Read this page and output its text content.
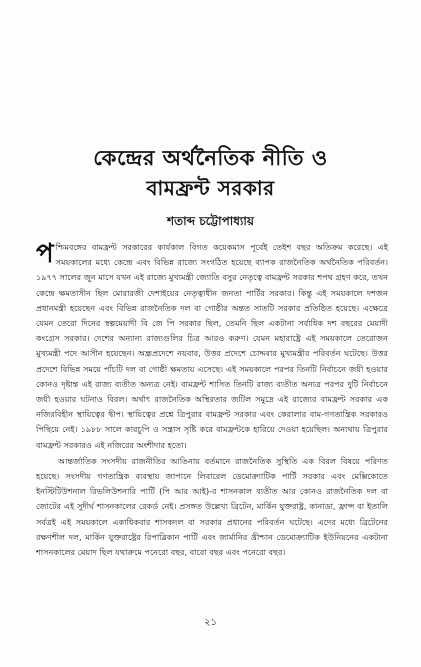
কেন্দ্রের অর্থনৈতিক নীতি ও
বামফ্রন্ট সরকার
শতাব্দ চট্টোপাধ্যায়

পশ্চিমবঙ্গের বামফ্রন্ট সরকারের কার্যকাল বিগত কয়েকমাস পূর্বেই তেইশ বছর অতিক্রম করেছে। এই সময়কালের মধ্যে কেন্দ্রে এবং বিভিন্ন রাজ্যে সংগঠিত হয়েছে ব্যাপক রাজনৈতিক অর্থনৈতিক পরিবর্তন। ১৯৭৭ সালের জুন মাসে যখন এই রাজ্যে মুখ্যমন্ত্রী জ্যোতি বসুর নেতৃত্বে বামফ্রন্ট সরকার শপথ গ্রহণ করে, তখন কেন্দ্রে ক্ষমতাসীন ছিল মোরারজী দেশাইয়ের নেতৃত্বাধীন জনতা পার্টির সরকার। কিন্তু এই সময়কালে দশজন প্রধানমন্ত্রী হয়েছেন এবং বিভিন্ন রাজনৈতিক দল বা গোষ্ঠীর অন্তত সাতটি সরকার প্রতিষ্ঠিত হয়েছে। এক্ষেত্রে যেমন তেরো দিনের স্বল্পমেয়াদী বি জে পি সরকার ছিল, তেমনি ছিল একটানা সর্বাধিক দশ বছরের মেয়াদী কংগ্রেস সরকার। দেশের অন্যান্য রাজ্যগুলির চিত্র আরও করুণ। যেমন মহারাষ্ট্রে এই সময়কালে তেরোজন মুখ্যমন্ত্রী পদে আসীন হয়েছেন। অন্ধ্রপ্রদেশে নয়বার, উত্তর প্রদেশে চোদ্দবার মুখ্যমন্ত্রীর পরিবর্তন ঘটেছে। উত্তর প্রদেশে বিভিন্ন সময়ে পাঁচটি দল বা গোষ্ঠী ক্ষমতায় এসেছে। এই সময়কালে পরপর তিনটি নির্বাচনে জয়ী হওয়ার কোনও দৃষ্টান্ত এই রাজ্য ব্যতীত অন্যত্র নেই। বামফ্রন্ট শাসিত তিনটি রাজ্য ব্যতীত অন্যত্র পরপর দুটি নির্বাচনে জয়ী হওয়ার ঘটনাও বিরল। অর্থাৎ রাজনৈতিক অস্থিরতার জটিল সমুদ্রে এই রাজ্যের বামফ্রন্ট সরকার এক নজিরবিহীন স্থায়িত্বের দ্বীপ। স্থায়িত্বের প্রশ্নে ত্রিপুরার বামফ্রন্ট সরকার এবং কেরালার বাম-গণতান্ত্রিক সরকারও পিছিয়ে নেই। ১৯৮৮ সালে কারচুপি ও সন্ত্রাস সৃষ্টি করে বামফ্রন্টকে হারিয়ে দেওয়া হয়েছিল। অন্যথায় ত্রিপুরার বামফ্রন্ট সরকারও এই নজিরের অংশীদার হতো।

আন্তর্জাতিক সংসদীয় রাজনীতির আঙিনায় বর্তমানে রাজনৈতিক সুস্থিতি এক বিরল বিষয়ে পরিণত হয়েছে। সংসদীয় গণতান্ত্রিক ব্যবস্থায় জাপানে লিবারেল ডেমোক্র্যাটিক পার্টি সরকার এবং মেক্সিকোতে ইনস্টিটিউশনাল রিভলিউশনারি পার্টি (পি আর আই)-র শাসনকাল ব্যতীত আর কোনও রাজনৈতিক দল বা জোটের এই সুদীর্ঘ শাসনকালের রেকর্ড নেই। প্রসঙ্গত উল্লেখ্য ব্রিটেন, মার্কিন যুক্তরাষ্ট্র, কানাডা, ফ্রান্স বা ইতালি সর্বত্রই এই সময়কালে একাধিকবার শাসকদল বা সরকার প্রধানের পরিবর্তন ঘটেছে। এদের মধ্যে ব্রিটেনের রক্ষণশীল দল, মার্কিন যুক্তরাষ্ট্রের রিপাব্লিকান পার্টি এবং জার্মানির খ্রীশ্চান ডেমোক্র্যাটিক ইউনিয়নের একটানা শাসনকালের মেয়াদ ছিল যথাক্রমে পনেরো বছর, বারো বছর এবং পনেরো বছর।

২১
